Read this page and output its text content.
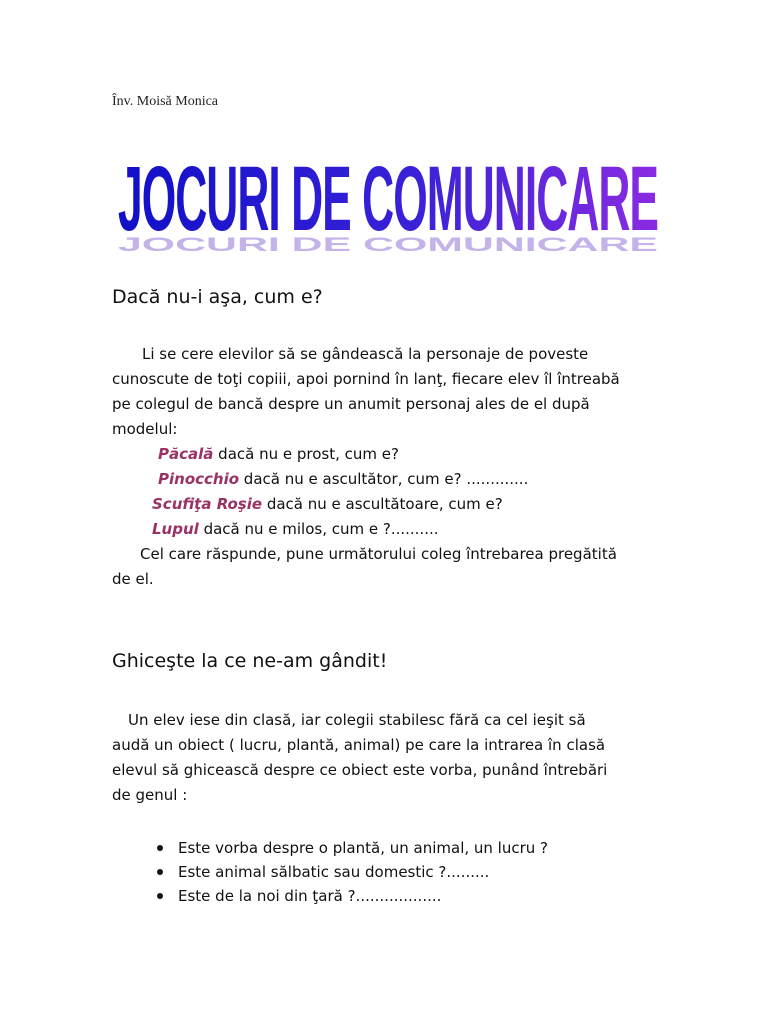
Înv. Moisă Monica
JOCURI DE COMUNICARE
JOCURI DE COMUNICARE
Dacă nu-i aşa, cum e?
Li se cere elevilor să se gândească la personaje de poveste
cunoscute de toţi copiii, apoi pornind în lanţ, fiecare elev îl întreabă
pe colegul de bancă despre un anumit personaj ales de el după
modelul:
Păcală dacă nu e prost, cum e?
Pinocchio dacă nu e ascultător, cum e? .............
Scufiţa Roşie dacă nu e ascultătoare, cum e?
Lupul dacă nu e milos, cum e ?..........
Cel care răspunde, pune următorului coleg întrebarea pregătită
de el.
Ghiceşte la ce ne-am gândit!
Un elev iese din clasă, iar colegii stabilesc fără ca cel ieşit să
audă un obiect ( lucru, plantă, animal) pe care la intrarea în clasă
elevul să ghicească despre ce obiect este vorba, punând întrebări
de genul :
Este vorba despre o plantă, un animal, un lucru ?
Este animal sălbatic sau domestic ?.........
Este de la noi din ţară ?..................
